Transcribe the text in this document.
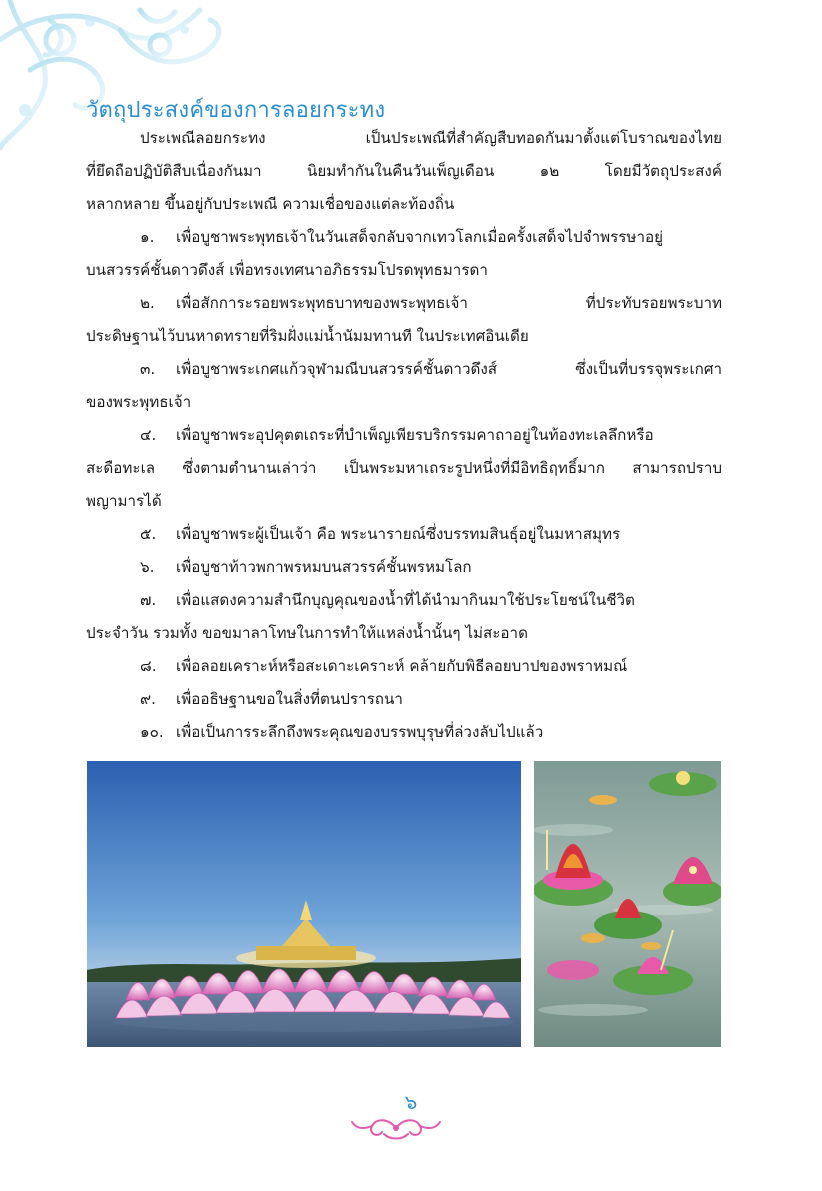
วัตถุประสงค์ของการลอยกระทง

ประเพณีลอยกระทง เป็นประเพณีที่สำคัญสืบทอดกันมาตั้งแต่โบราณของไทย

ที่ยึดถือปฏิบัติสืบเนื่องกันมา นิยมทำกันในคืนวันเพ็ญเดือน ๑๒ โดยมีวัตถุประสงค์

หลากหลาย ขึ้นอยู่กับประเพณี ความเชื่อของแต่ละท้องถิ่น

๑. เพื่อบูชาพระพุทธเจ้าในวันเสด็จกลับจากเทวโลกเมื่อครั้งเสด็จไปจำพรรษาอยู่

บนสวรรค์ชั้นดาวดึงส์ เพื่อทรงเทศนาอภิธรรมโปรดพุทธมารดา

๒. เพื่อสักการะรอยพระพุทธบาทของพระพุทธเจ้า ที่ประทับรอยพระบาท

ประดิษฐานไว้บนหาดทรายที่ริมฝั่งแม่น้ำนัมมทานที ในประเทศอินเดีย

๓. เพื่อบูชาพระเกศแก้วจุฬามณีบนสวรรค์ชั้นดาวดึงส์ ซึ่งเป็นที่บรรจุพระเกศา

ของพระพุทธเจ้า

๔. เพื่อบูชาพระอุปคุตตเถระที่บำเพ็ญเพียรบริกรรมคาถาอยู่ในท้องทะเลลึกหรือ

สะดือทะเล ซึ่งตามตำนานเล่าว่า เป็นพระมหาเถระรูปหนึ่งที่มีอิทธิฤทธิ์มาก สามารถปราบ

พญามารได้

๕. เพื่อบูชาพระผู้เป็นเจ้า คือ พระนารายณ์ซึ่งบรรทมสินธุ์อยู่ในมหาสมุทร

๖. เพื่อบูชาท้าวพกาพรหมบนสวรรค์ชั้นพรหมโลก

๗. เพื่อแสดงความสำนึกบุญคุณของน้ำที่ได้นำมากินมาใช้ประโยชน์ในชีวิต

ประจำวัน รวมทั้ง ขอขมาลาโทษในการทำให้แหล่งน้ำนั้นๆ ไม่สะอาด

๘. เพื่อลอยเคราะห์หรือสะเดาะเคราะห์ คล้ายกับพิธีลอยบาปของพราหมณ์

๙. เพื่ออธิษฐานขอในสิ่งที่ตนปรารถนา

๑๐. เพื่อเป็นการระลึกถึงพระคุณของบรรพบุรุษที่ล่วงลับไปแล้ว

๖
